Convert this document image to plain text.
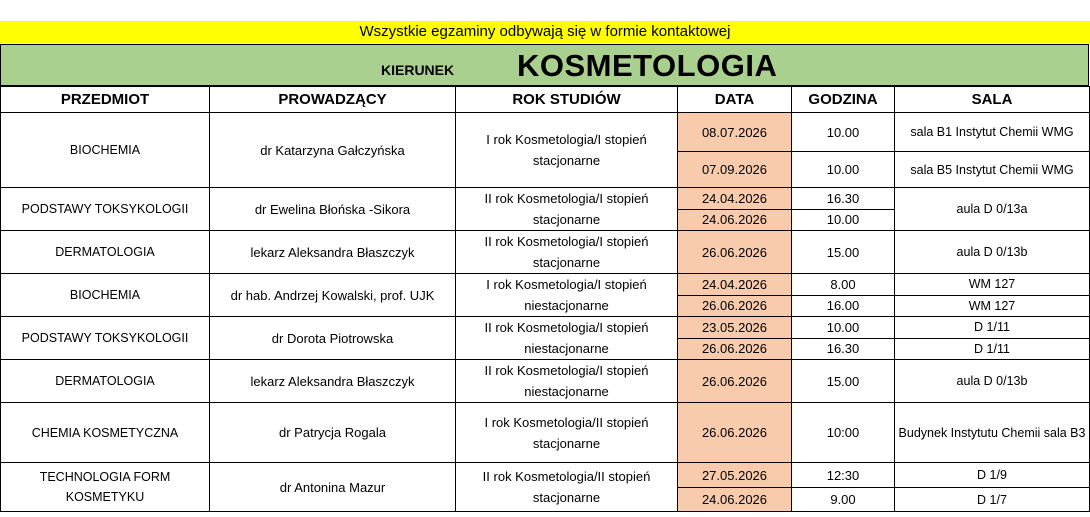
Wszystkie egzaminy odbywają się w formie kontaktowej
KIERUNEK KOSMETOLOGIA
PRZEDMIOT	PROWADZĄCY	ROK STUDIÓW	DATA	GODZINA	SALA
BIOCHEMIA	dr Katarzyna Gałczyńska	I rok Kosmetologia/I stopień stacjonarne	08.07.2026	10.00	sala B1 Instytut Chemii WMG
			07.09.2026	10.00	sala B5 Instytut Chemii WMG
PODSTAWY TOKSYKOLOGII	dr Ewelina Błońska -Sikora	II rok Kosmetologia/I stopień stacjonarne	24.04.2026	16.30	aula D 0/13a
			24.06.2026	10.00	
DERMATOLOGIA	lekarz Aleksandra Błaszczyk	II rok Kosmetologia/I stopień stacjonarne	26.06.2026	15.00	aula D 0/13b
BIOCHEMIA	dr hab. Andrzej Kowalski, prof. UJK	I rok Kosmetologia/I stopień niestacjonarne	24.04.2026	8.00	WM 127
			26.06.2026	16.00	WM 127
PODSTAWY TOKSYKOLOGII	dr Dorota Piotrowska	II rok Kosmetologia/I stopień niestacjonarne	23.05.2026	10.00	D 1/11
			26.06.2026	16.30	D 1/11
DERMATOLOGIA	lekarz Aleksandra Błaszczyk	II rok Kosmetologia/I stopień niestacjonarne	26.06.2026	15.00	aula D 0/13b
CHEMIA KOSMETYCZNA	dr Patrycja Rogala	I rok Kosmetologia/II stopień stacjonarne	26.06.2026	10:00	Budynek Instytutu Chemii sala B3
TECHNOLOGIA FORM KOSMETYKU	dr Antonina Mazur	II rok Kosmetologia/II stopień stacjonarne	27.05.2026	12:30	D 1/9
			24.06.2026	9.00	D 1/7
